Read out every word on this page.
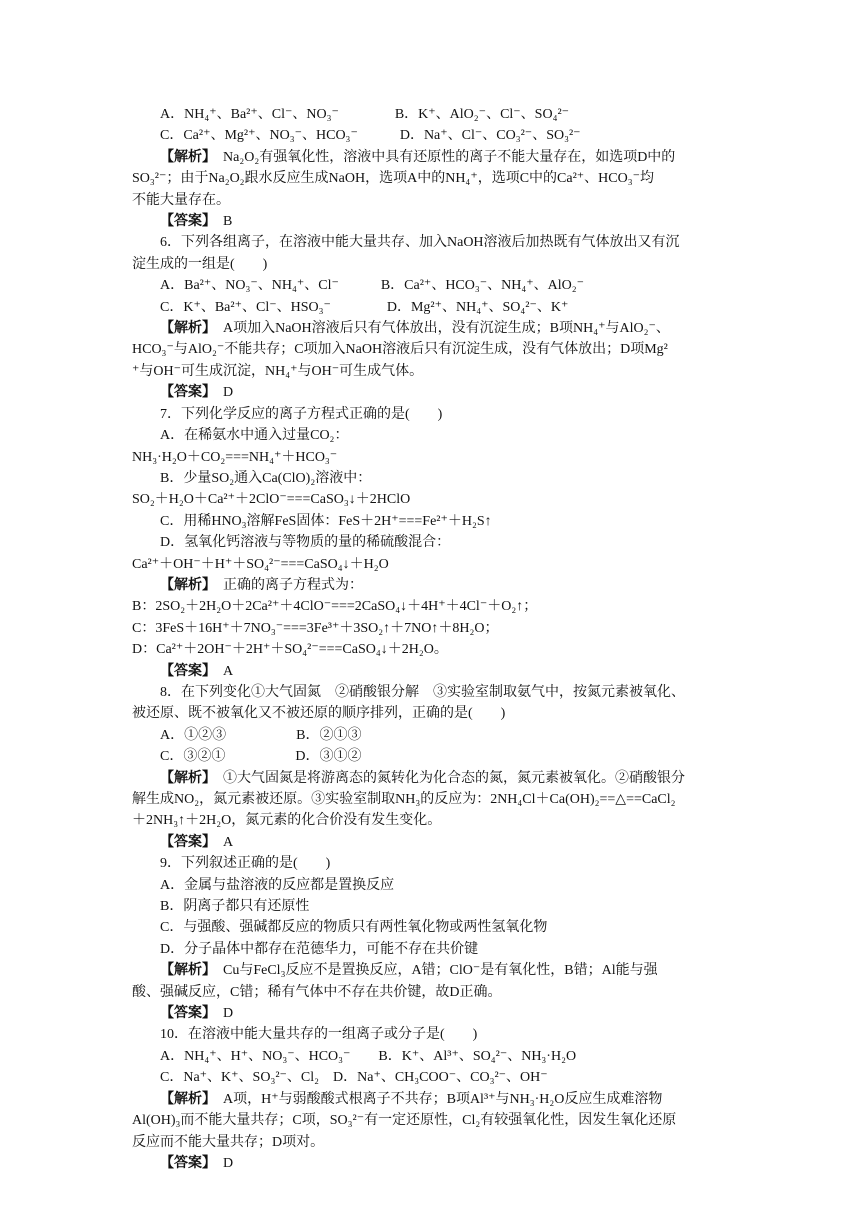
A．NH₄⁺、Ba²⁺、Cl⁻、NO₃⁻　　　　B．K⁺、AlO₂⁻、Cl⁻、SO₄²⁻
C．Ca²⁺、Mg²⁺、NO₃⁻、HCO₃⁻　　　D．Na⁺、Cl⁻、CO₃²⁻、SO₃²⁻
【解析】　Na₂O₂有强氧化性，溶液中具有还原性的离子不能大量存在，如选项D中的
SO₃²⁻；由于Na₂O₂跟水反应生成NaOH，选项A中的NH₄⁺，选项C中的Ca²⁺、HCO₃⁻均
不能大量存在。
【答案】　B
6．下列各组离子，在溶液中能大量共存、加入NaOH溶液后加热既有气体放出又有沉
淀生成的一组是(　　)
A．Ba²⁺、NO₃⁻、NH₄⁺、Cl⁻　　　B．Ca²⁺、HCO₃⁻、NH₄⁺、AlO₂⁻
C．K⁺、Ba²⁺、Cl⁻、HSO₃⁻　　　　D．Mg²⁺、NH₄⁺、SO₄²⁻、K⁺
【解析】　A项加入NaOH溶液后只有气体放出，没有沉淀生成；B项NH₄⁺与AlO₂⁻、
HCO₃⁻与AlO₂⁻不能共存；C项加入NaOH溶液后只有沉淀生成，没有气体放出；D项Mg²
⁺与OH⁻可生成沉淀，NH₄⁺与OH⁻可生成气体。
【答案】　D
7．下列化学反应的离子方程式正确的是(　　)
A．在稀氨水中通入过量CO₂：
NH₃·H₂O＋CO₂===NH₄⁺＋HCO₃⁻
B．少量SO₂通入Ca(ClO)₂溶液中：
SO₂＋H₂O＋Ca²⁺＋2ClO⁻===CaSO₃↓＋2HClO
C．用稀HNO₃溶解FeS固体：FeS＋2H⁺===Fe²⁺＋H₂S↑
D．氢氧化钙溶液与等物质的量的稀硫酸混合：
Ca²⁺＋OH⁻＋H⁺＋SO₄²⁻===CaSO₄↓＋H₂O
【解析】　正确的离子方程式为：
B：2SO₂＋2H₂O＋2Ca²⁺＋4ClO⁻===2CaSO₄↓＋4H⁺＋4Cl⁻＋O₂↑；
C：3FeS＋16H⁺＋7NO₃⁻===3Fe³⁺＋3SO₂↑＋7NO↑＋8H₂O；
D：Ca²⁺＋2OH⁻＋2H⁺＋SO₄²⁻===CaSO₄↓＋2H₂O。
【答案】　A
8．在下列变化①大气固氮　②硝酸银分解　③实验室制取氨气中，按氮元素被氧化、
被还原、既不被氧化又不被还原的顺序排列，正确的是(　　)
A．①②③　　　　　B．②①③
C．③②①　　　　　D．③①②
【解析】　①大气固氮是将游离态的氮转化为化合态的氮，氮元素被氧化。②硝酸银分
解生成NO₂，氮元素被还原。③实验室制取NH₃的反应为：2NH₄Cl＋Ca(OH)₂==△==CaCl₂
＋2NH₃↑＋2H₂O，氮元素的化合价没有发生变化。
【答案】　A
9．下列叙述正确的是(　　)
A．金属与盐溶液的反应都是置换反应
B．阴离子都只有还原性
C．与强酸、强碱都反应的物质只有两性氧化物或两性氢氧化物
D．分子晶体中都存在范德华力，可能不存在共价键
【解析】　Cu与FeCl₃反应不是置换反应，A错；ClO⁻是有氧化性，B错；Al能与强
酸、强碱反应，C错；稀有气体中不存在共价键，故D正确。
【答案】　D
10．在溶液中能大量共存的一组离子或分子是(　　)
A．NH₄⁺、H⁺、NO₃⁻、HCO₃⁻　　B．K⁺、Al³⁺、SO₄²⁻、NH₃·H₂O
C．Na⁺、K⁺、SO₃²⁻、Cl₂　D．Na⁺、CH₃COO⁻、CO₃²⁻、OH⁻
【解析】　A项，H⁺与弱酸酸式根离子不共存；B项Al³⁺与NH₃·H₂O反应生成难溶物
Al(OH)₃而不能大量共存；C项，SO₃²⁻有一定还原性，Cl₂有较强氧化性，因发生氧化还原
反应而不能大量共存；D项对。
【答案】　D
